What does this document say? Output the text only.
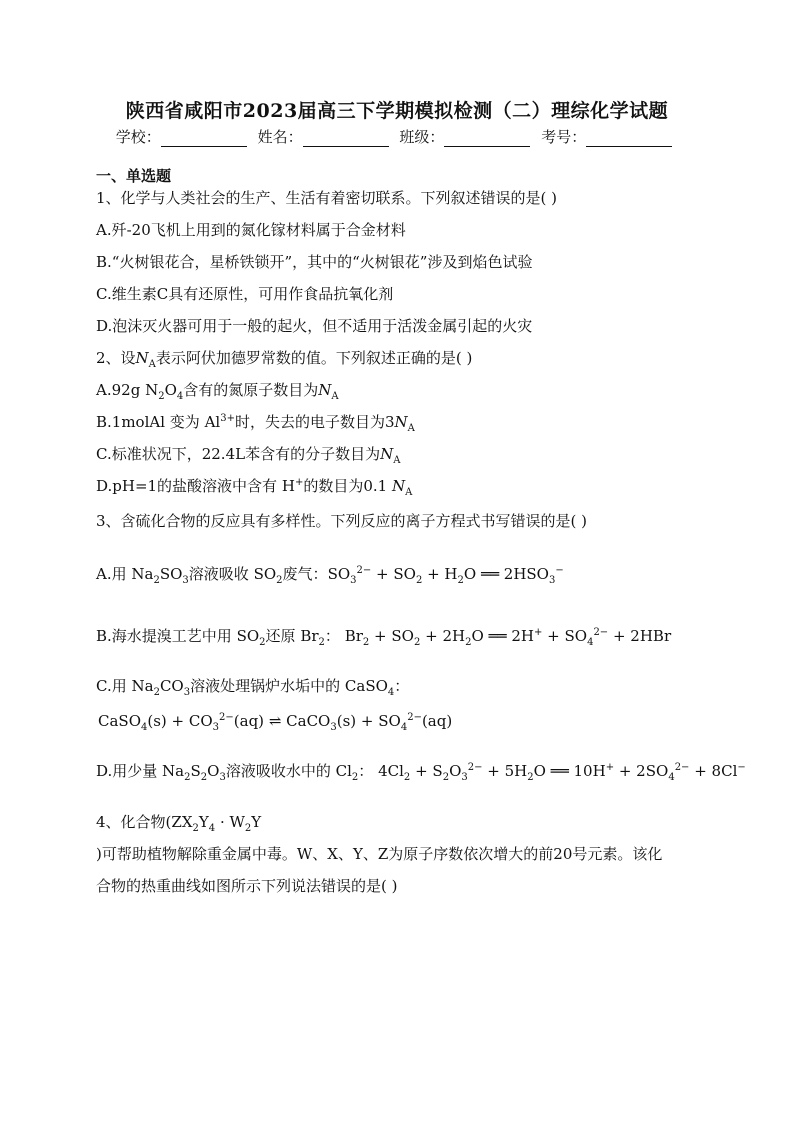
陕西省咸阳市2023届高三下学期模拟检测（二）理综化学试题
学校：	姓名：	班级：	考号：
一、单选题
1、化学与人类社会的生产、生活有着密切联系。下列叙述错误的是( )
A.歼-20飞机上用到的氮化镓材料属于合金材料
B.“火树银花合，星桥铁锁开”，其中的“火树银花”涉及到焰色试验
C.维生素C具有还原性，可用作食品抗氧化剂
D.泡沫灭火器可用于一般的起火，但不适用于活泼金属引起的火灾
2、设$N_A$表示阿伏加德罗常数的值。下列叙述正确的是( )
A.92g $N_2O_4$含有的氮原子数目为$N_A$
B.1molAl 变为 $Al^{3+}$时，失去的电子数目为$3N_A$
C.标准状况下，22.4L苯含有的分子数目为$N_A$
D.pH=1的盐酸溶液中含有 H+的数目为0.1 $N_A$
3、含硫化合物的反应具有多样性。下列反应的离子方程式书写错误的是( )
A.用 $Na_2SO_3$溶液吸收 $SO_2$废气：$SO_3^{2-} + SO_2 + H_2O$ ══ $2HSO_3^-$
B.海水提溴工艺中用 $SO_2$还原 $Br_2$： $Br_2 + SO_2 + 2H_2O$ ══ $2H^+ + SO_4^{2-} + 2HBr$
C.用 $Na_2CO_3$溶液处理锅炉水垢中的 CaSO$_4$：
CaSO$_4$(s) + $CO_3^{2-}(aq)$ ⇌ CaCO$_3$(s) + $SO_4^{2-}(aq)$
D.用少量 $Na_2S_2O_3$溶液吸收水中的 $Cl_2$： $4Cl_2 + S_2O_3^{2-} + 5H_2O$ ══ $10H^+ + 2SO_4^{2-} + 8Cl^-$
4、化合物($ZX_2Y_4 \cdot W_2Y$
)可帮助植物解除重金属中毒。W、X、Y、Z为原子序数依次增大的前20号元素。该化
合物的热重曲线如图所示下列说法错误的是( )
